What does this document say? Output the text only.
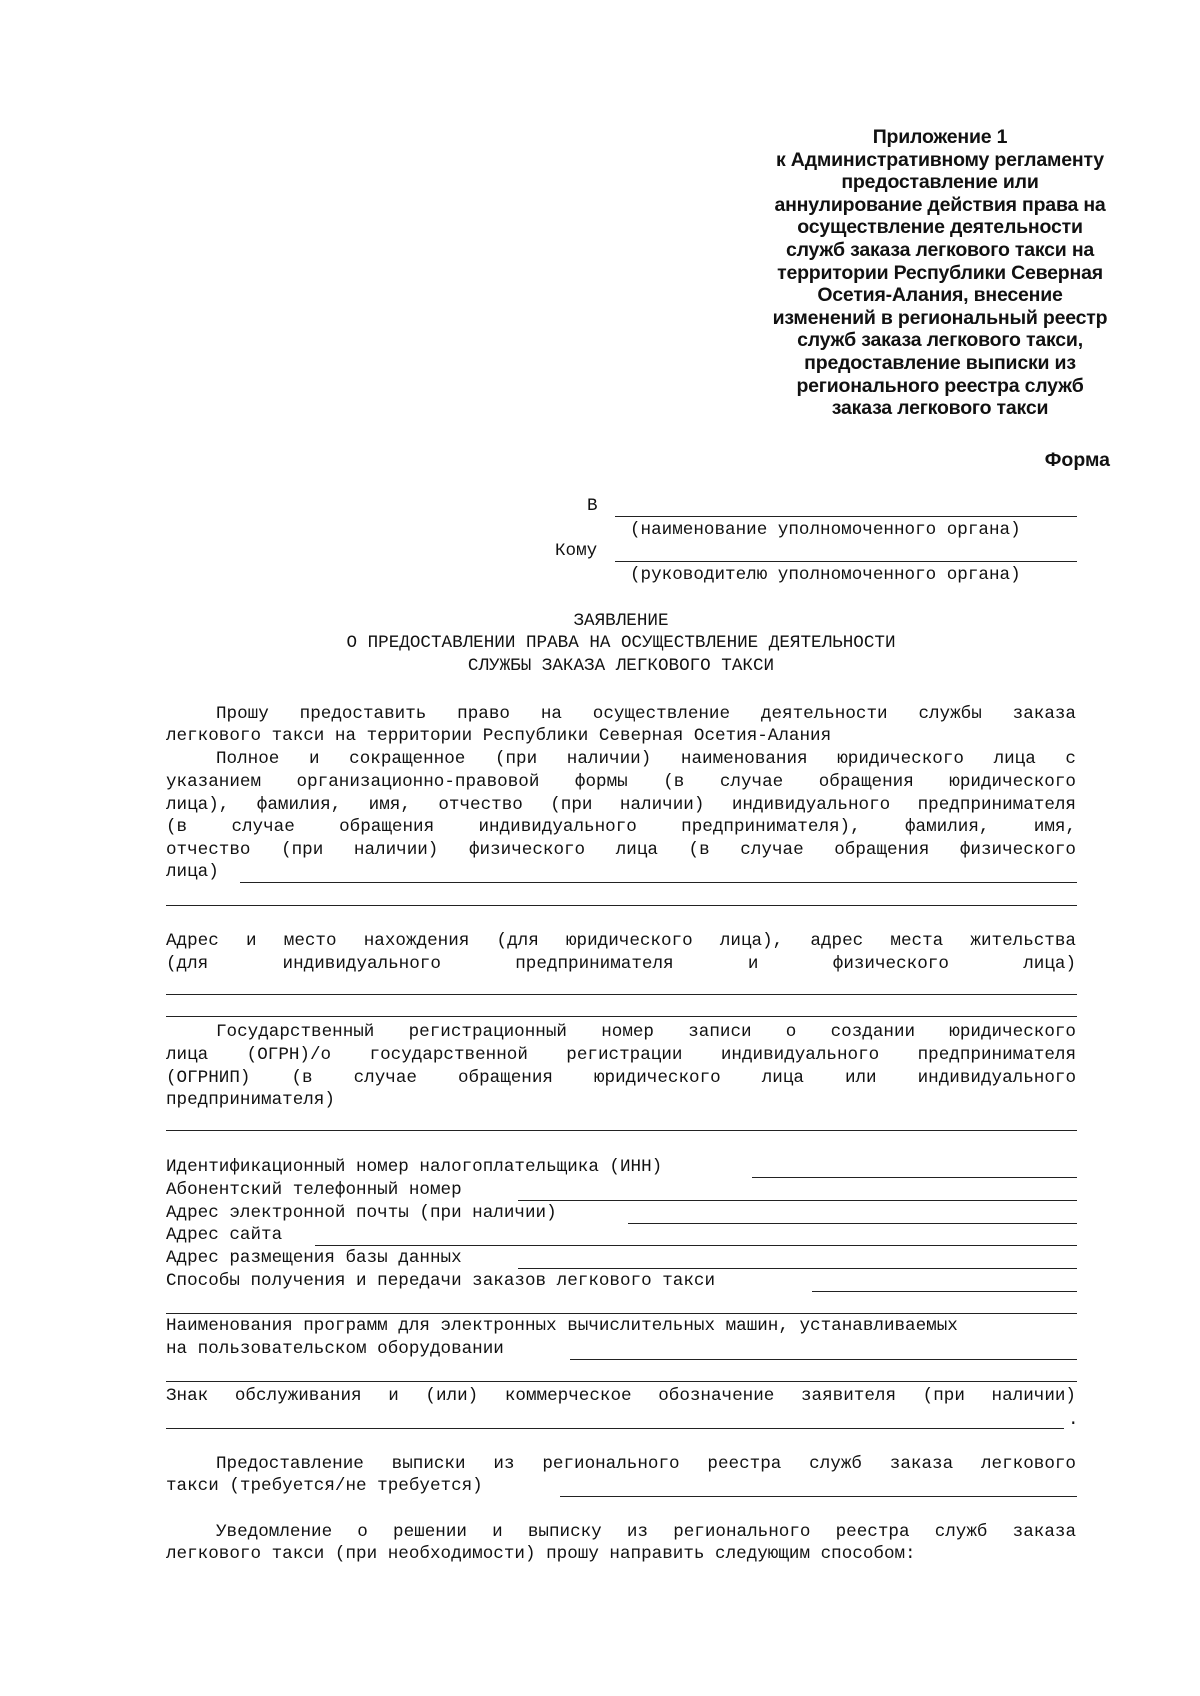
Приложение 1
к Административному регламенту
предоставление или
аннулирование действия права на
осуществление деятельности
служб заказа легкового такси на
территории Республики Северная
Осетия-Алания, внесение
изменений в региональный реестр
служб заказа легкового такси,
предоставление выписки из
регионального реестра служб
заказа легкового такси
Форма
В
(наименование уполномоченного органа)
Кому
(руководителю уполномоченного органа)
ЗАЯВЛЕНИЕ
О ПРЕДОСТАВЛЕНИИ ПРАВА НА ОСУЩЕСТВЛЕНИЕ ДЕЯТЕЛЬНОСТИ
СЛУЖБЫ ЗАКАЗА ЛЕГКОВОГО ТАКСИ
Прошу предоставить право на осуществление деятельности службы заказа
легкового такси на территории Республики Северная Осетия-Алания
Полное и сокращенное (при наличии) наименования юридического лица с
указанием организационно-правовой формы (в случае обращения юридического
лица), фамилия, имя, отчество (при наличии) индивидуального предпринимателя
(в случае обращения индивидуального предпринимателя), фамилия, имя,
отчество (при наличии) физического лица (в случае обращения физического
лица)
Адрес и место нахождения (для юридического лица), адрес места жительства
(для индивидуального предпринимателя и физического лица)
Государственный регистрационный номер записи о создании юридического
лица (ОГРН)/о государственной регистрации индивидуального предпринимателя
(ОГРНИП) (в случае обращения юридического лица или индивидуального
предпринимателя)
Идентификационный номер налогоплательщика (ИНН)
Абонентский телефонный номер
Адрес электронной почты (при наличии)
Адрес сайта
Адрес размещения базы данных
Способы получения и передачи заказов легкового такси
Наименования программ для электронных вычислительных машин, устанавливаемых
на пользовательском оборудовании
Знак обслуживания и (или) коммерческое обозначение заявителя (при наличии)
.
Предоставление выписки из регионального реестра служб заказа легкового
такси (требуется/не требуется)
Уведомление о решении и выписку из регионального реестра служб заказа
легкового такси (при необходимости) прошу направить следующим способом:
